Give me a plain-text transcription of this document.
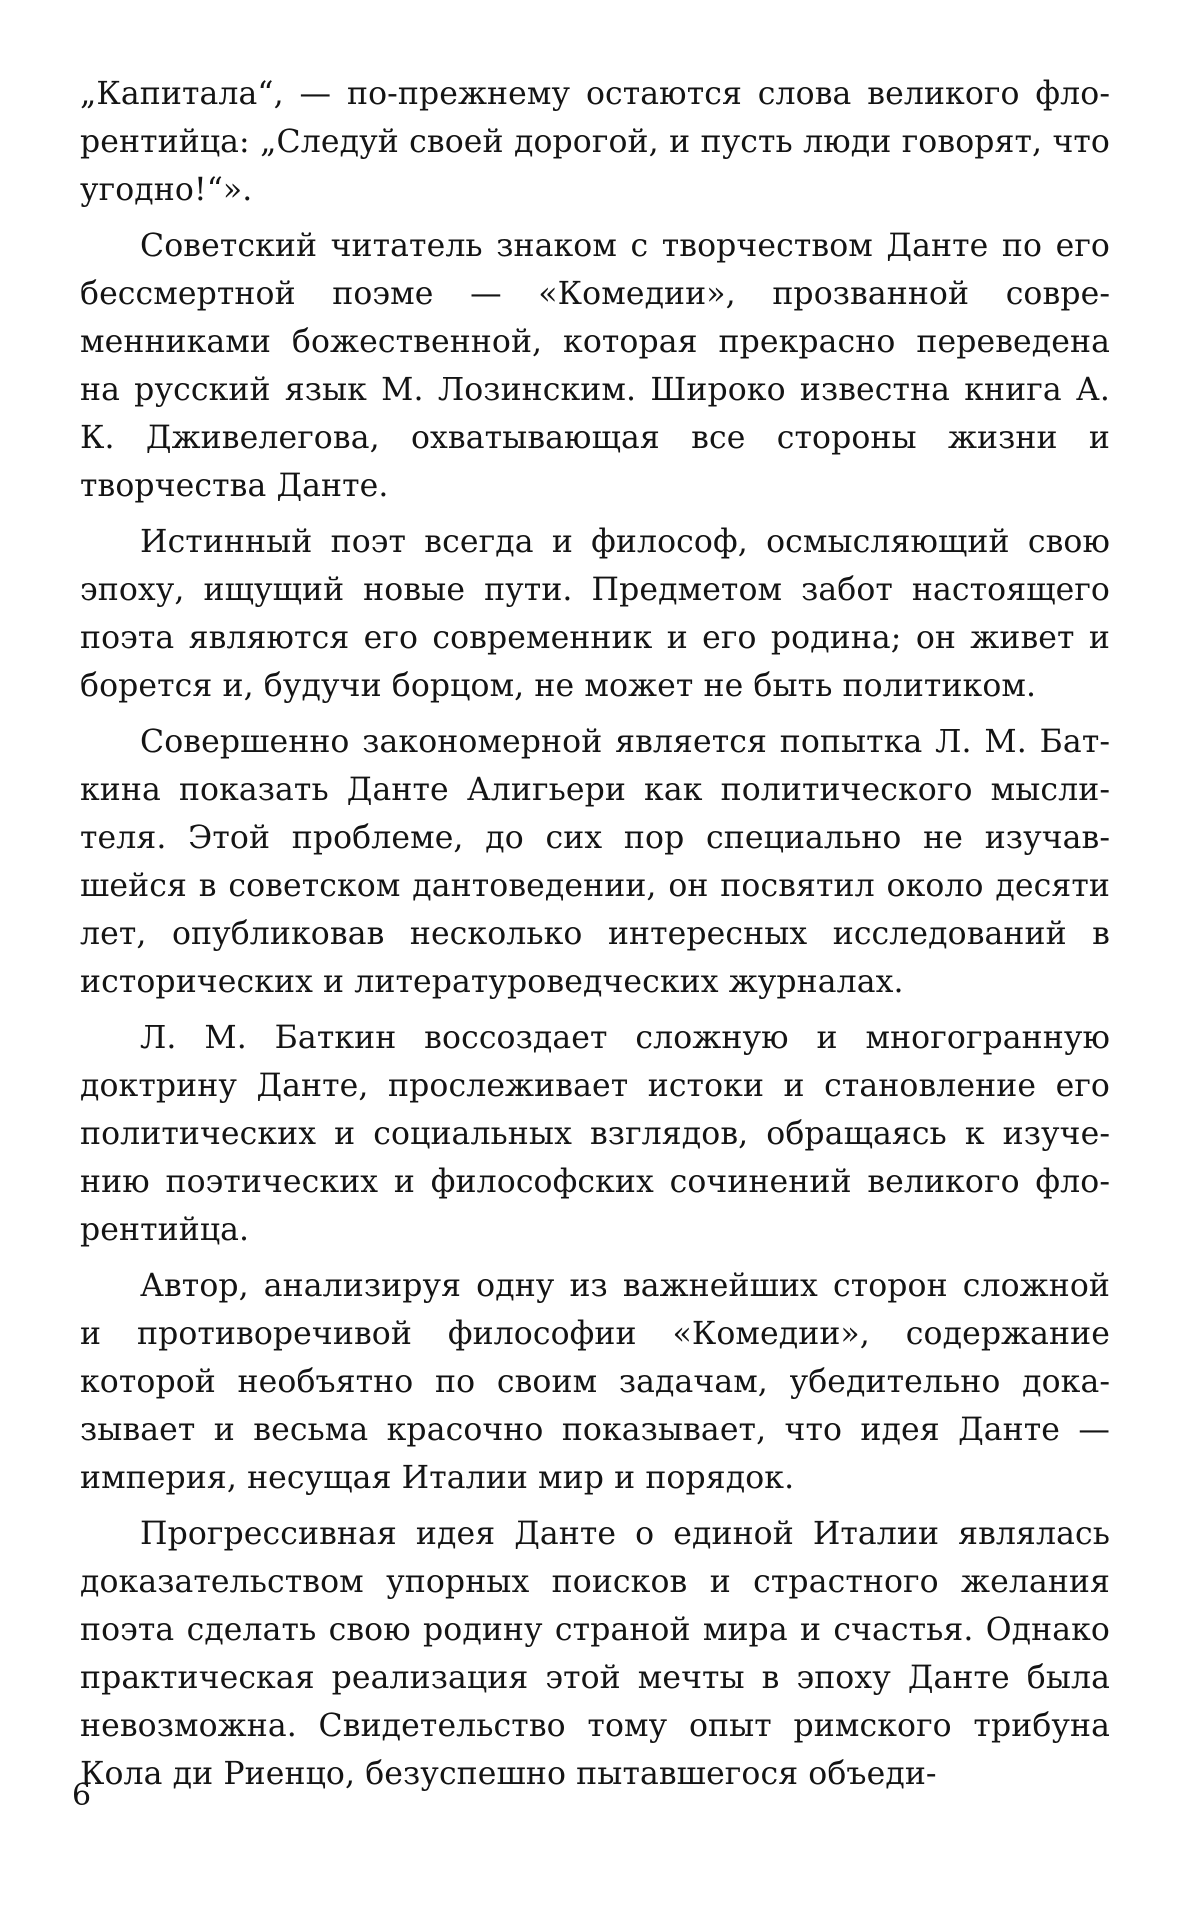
„Капитала“, — по-прежнему остаются слова великого флорентийца: „Следуй своей дорогой, и пусть люди говорят, что угодно!“».

Советский читатель знаком с творчеством Данте по его бессмертной поэме — «Комедии», прозванной современниками божественной, которая прекрасно переведена на русский язык М. Лозинским. Широко известна книга А. К. Дживелегова, охватывающая все стороны жизни и творчества Данте.

Истинный поэт всегда и философ, осмысляющий свою эпоху, ищущий новые пути. Предметом забот настоящего поэта являются его современник и его родина; он живет и борется и, будучи борцом, не может не быть политиком.

Совершенно закономерной является попытка Л. М. Баткина показать Данте Алигьери как политического мыслителя. Этой проблеме, до сих пор специально не изучавшейся в советском дантоведении, он посвятил около десяти лет, опубликовав несколько интересных исследований в исторических и литературоведческих журналах.

Л. М. Баткин воссоздает сложную и многогранную доктрину Данте, прослеживает истоки и становление его политических и социальных взглядов, обращаясь к изучению поэтических и философских сочинений великого флорентийца.

Автор, анализируя одну из важнейших сторон сложной и противоречивой философии «Комедии», содержание которой необъятно по своим задачам, убедительно доказывает и весьма красочно показывает, что идея Данте — империя, несущая Италии мир и порядок.

Прогрессивная идея Данте о единой Италии являлась доказательством упорных поисков и страстного желания поэта сделать свою родину страной мира и счастья. Однако практическая реализация этой мечты в эпоху Данте была невозможна. Свидетельство тому опыт римского трибуна Кола ди Риенцо, безуспешно пытавшегося объеди-

6
